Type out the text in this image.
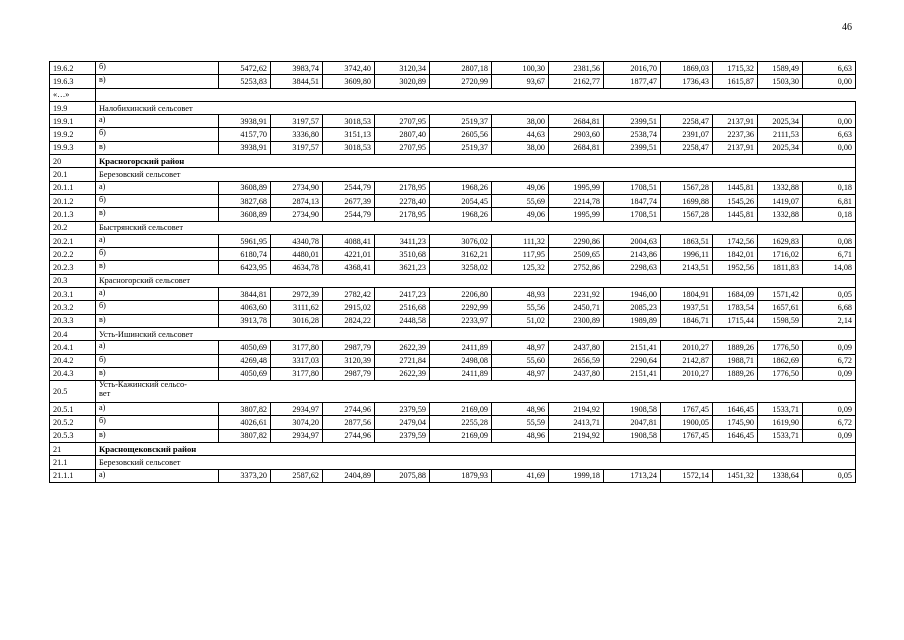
46
19.6.2	б)	5472,62	3983,74	3742,40	3120,34	2807,18	100,30	2381,56	2016,70	1869,03	1715,32	1589,49	6,63
19.6.3	в)	5253,83	3844,51	3609,80	3020,89	2720,99	93,67	2162,77	1877,47	1736,43	1615,87	1503,30	0,00
«…»													
19.9	Налобихинский сельсовет												
19.9.1	а)	3938,91	3197,57	3018,53	2707,95	2519,37	38,00	2684,81	2399,51	2258,47	2137,91	2025,34	0,00
19.9.2	б)	4157,70	3336,80	3151,13	2807,40	2605,56	44,63	2903,60	2538,74	2391,07	2237,36	2111,53	6,63
19.9.3	в)	3938,91	3197,57	3018,53	2707,95	2519,37	38,00	2684,81	2399,51	2258,47	2137,91	2025,34	0,00
20	Красногорский район												
20.1	Березовский сельсовет												
20.1.1	а)	3608,89	2734,90	2544,79	2178,95	1968,26	49,06	1995,99	1708,51	1567,28	1445,81	1332,88	0,18
20.1.2	б)	3827,68	2874,13	2677,39	2278,40	2054,45	55,69	2214,78	1847,74	1699,88	1545,26	1419,07	6,81
20.1.3	в)	3608,89	2734,90	2544,79	2178,95	1968,26	49,06	1995,99	1708,51	1567,28	1445,81	1332,88	0,18
20.2	Быстрянский сельсовет												
20.2.1	а)	5961,95	4340,78	4088,41	3411,23	3076,02	111,32	2290,86	2004,63	1863,51	1742,56	1629,83	0,08
20.2.2	б)	6180,74	4480,01	4221,01	3510,68	3162,21	117,95	2509,65	2143,86	1996,11	1842,01	1716,02	6,71
20.2.3	в)	6423,95	4634,78	4368,41	3621,23	3258,02	125,32	2752,86	2298,63	2143,51	1952,56	1811,83	14,08
20.3	Красногорский сельсовет												
20.3.1	а)	3844,81	2972,39	2782,42	2417,23	2206,80	48,93	2231,92	1946,00	1804,91	1684,09	1571,42	0,05
20.3.2	б)	4063,60	3111,62	2915,02	2516,68	2292,99	55,56	2450,71	2085,23	1937,51	1783,54	1657,61	6,68
20.3.3	в)	3913,78	3016,28	2824,22	2448,58	2233,97	51,02	2300,89	1989,89	1846,71	1715,44	1598,59	2,14
20.4	Усть-Ишинский сельсовет												
20.4.1	а)	4050,69	3177,80	2987,79	2622,39	2411,89	48,97	2437,80	2151,41	2010,27	1889,26	1776,50	0,09
20.4.2	б)	4269,48	3317,03	3120,39	2721,84	2498,08	55,60	2656,59	2290,64	2142,87	1988,71	1862,69	6,72
20.4.3	в)	4050,69	3177,80	2987,79	2622,39	2411,89	48,97	2437,80	2151,41	2010,27	1889,26	1776,50	0,09
20.5	Усть-Кажинский сельсо-
вет												

20.5.1	а)	3807,82	2934,97	2744,96	2379,59	2169,09	48,96	2194,92	1908,58	1767,45	1646,45	1533,71	0,09
20.5.2	б)	4026,61	3074,20	2877,56	2479,04	2255,28	55,59	2413,71	2047,81	1900,05	1745,90	1619,90	6,72
20.5.3	в)	3807,82	2934,97	2744,96	2379,59	2169,09	48,96	2194,92	1908,58	1767,45	1646,45	1533,71	0,09
21	Краснощековский район												
21.1	Березовский сельсовет												
21.1.1	а)	3373,20	2587,62	2404,89	2075,88	1879,93	41,69	1999,18	1713,24	1572,14	1451,32	1338,64	0,05
